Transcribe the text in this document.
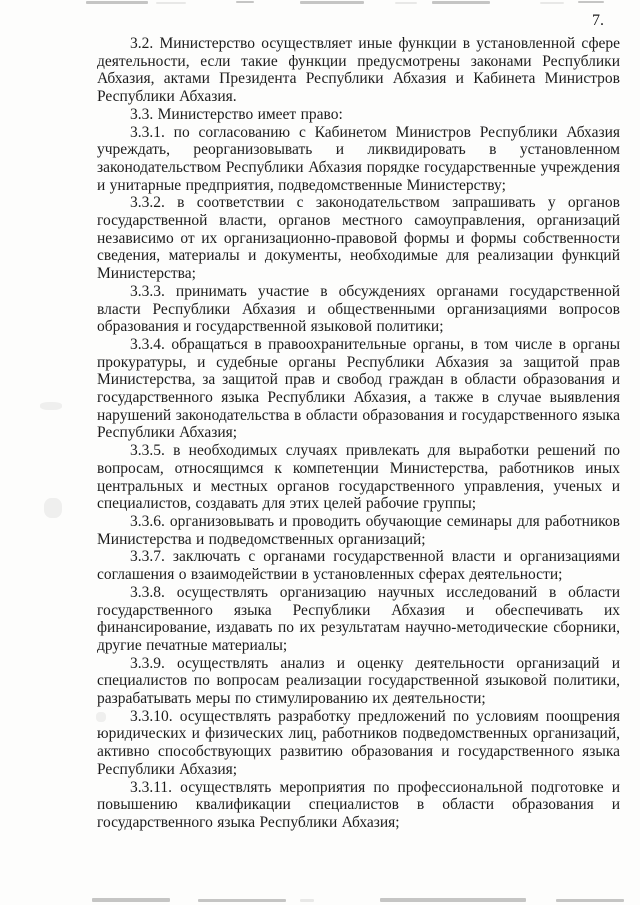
7.

3.2. Министерство осуществляет иные функции в установленной сфере деятельности, если такие функции предусмотрены законами Республики Абхазия, актами Президента Республики Абхазия и Кабинета Министров Республики Абхазия.

3.3. Министерство имеет право:

3.3.1. по согласованию с Кабинетом Министров Республики Абхазия учреждать, реорганизовывать и ликвидировать в установленном законодательством Республики Абхазия порядке государственные учреждения и унитарные предприятия, подведомственные Министерству;

3.3.2. в соответствии с законодательством запрашивать у органов государственной власти, органов местного самоуправления, организаций независимо от их организационно-правовой формы и формы собственности сведения, материалы и документы, необходимые для реализации функций Министерства;

3.3.3. принимать участие в обсуждениях органами государственной власти Республики Абхазия и общественными организациями вопросов образования и государственной языковой политики;

3.3.4. обращаться в правоохранительные органы, в том числе в органы прокуратуры, и судебные органы Республики Абхазия за защитой прав Министерства, за защитой прав и свобод граждан в области образования и государственного языка Республики Абхазия, а также в случае выявления нарушений законодательства в области образования и государственного языка Республики Абхазия;

3.3.5. в необходимых случаях привлекать для выработки решений по вопросам, относящимся к компетенции Министерства, работников иных центральных и местных органов государственного управления, ученых и специалистов, создавать для этих целей рабочие группы;

3.3.6. организовывать и проводить обучающие семинары для работников Министерства и подведомственных организаций;

3.3.7. заключать с органами государственной власти и организациями соглашения о взаимодействии в установленных сферах деятельности;

3.3.8. осуществлять организацию научных исследований в области государственного языка Республики Абхазия и обеспечивать их финансирование, издавать по их результатам научно-методические сборники, другие печатные материалы;

3.3.9. осуществлять анализ и оценку деятельности организаций и специалистов по вопросам реализации государственной языковой политики, разрабатывать меры по стимулированию их деятельности;

3.3.10. осуществлять разработку предложений по условиям поощрения юридических и физических лиц, работников подведомственных организаций, активно способствующих развитию образования и государственного языка Республики Абхазия;

3.3.11. осуществлять мероприятия по профессиональной подготовке и повышению квалификации специалистов в области образования и государственного языка Республики Абхазия;
